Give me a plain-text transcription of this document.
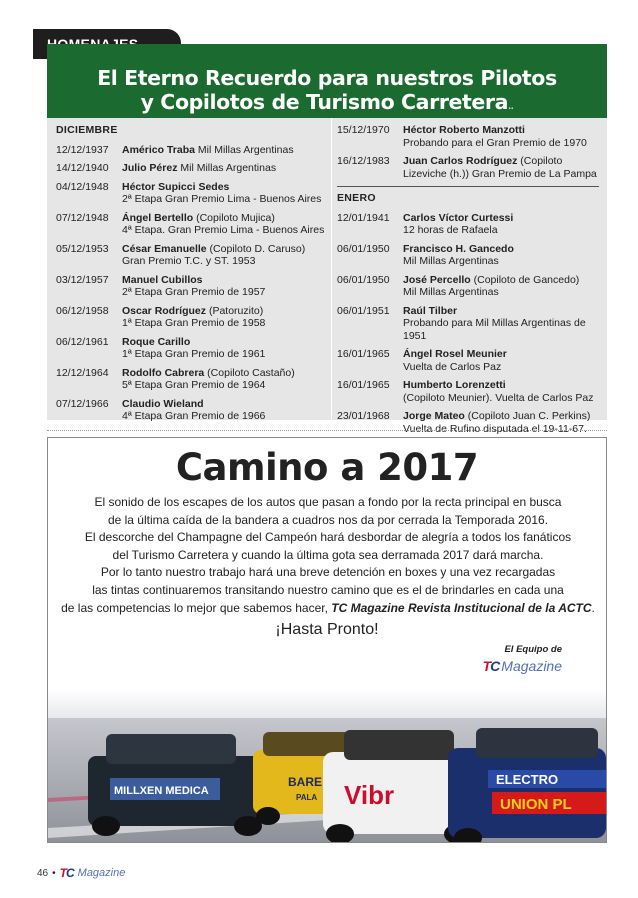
El Eterno Recuerdo para nuestros Pilotos
y Copilotos de Turismo Carretera..
DICIEMBRE
12/12/1937	Américo Traba Mil Millas Argentinas
14/12/1940	Julio Pérez Mil Millas Argentinas
04/12/1948	Héctor Supicci Sedes
2ª Etapa Gran Premio Lima - Buenos Aires
07/12/1948	Ángel Bertello (Copiloto Mujica)
4ª Etapa. Gran Premio Lima - Buenos Aires
05/12/1953	César Emanuelle (Copiloto D. Caruso)
Gran Premio T.C. y ST. 1953
03/12/1957	Manuel Cubillos
2ª Etapa Gran Premio de 1957
06/12/1958	Oscar Rodríguez (Patoruzito)
1ª Etapa Gran Premio de 1958
06/12/1961	Roque Carillo
1ª Etapa Gran Premio de 1961
12/12/1964	Rodolfo Cabrera (Copiloto Castaño)
5ª Etapa Gran Premio de 1964
07/12/1966	Claudio Wieland
4ª Etapa Gran Premio de 1966
15/12/1970	Héctor Roberto Manzotti
Probando para el Gran Premio de 1970
16/12/1983	Juan Carlos Rodríguez (Copiloto
Lizeviche (h.)) Gran Premio de La Pampa
ENERO
12/01/1941	Carlos Víctor Curtessi
12 horas de Rafaela
06/01/1950	Francisco H. Gancedo
Mil Millas Argentinas
06/01/1950	José Percello (Copiloto de Gancedo)
Mil Millas Argentinas
06/01/1951	Raúl Tilber
Probando para Mil Millas Argentinas de 1951
16/01/1965	Ángel Rosel Meunier
Vuelta de Carlos Paz
16/01/1965	Humberto Lorenzetti
(Copiloto Meunier). Vuelta de Carlos Paz
23/01/1968	Jorge Mateo (Copiloto Juan C. Perkins)
Vuelta de Rufino disputada el 19-11-67.
Camino a 2017
El sonido de los escapes de los autos que pasan a fondo por la recta principal en busca
de la última caída de la bandera a cuadros nos da por cerrada la Temporada 2016.
El descorche del Champagne del Campeón hará desbordar de alegría a todos los fanáticos
del Turismo Carretera y cuando la última gota sea derramada 2017 dará marcha.
Por lo tanto nuestro trabajo hará una breve detención en boxes y una vez recargadas
las tintas continuaremos transitando nuestro camino que es el de brindarles en cada una
de las competencias lo mejor que sabemos hacer, TC Magazine Revista Institucional de la ACTC.
¡Hasta Pronto!
El Equipo de
TC Magazine
MILLXEN MEDICA
BARE
PALA Vibr
ELECTRO
UNION PL
46 • TC Magazine
